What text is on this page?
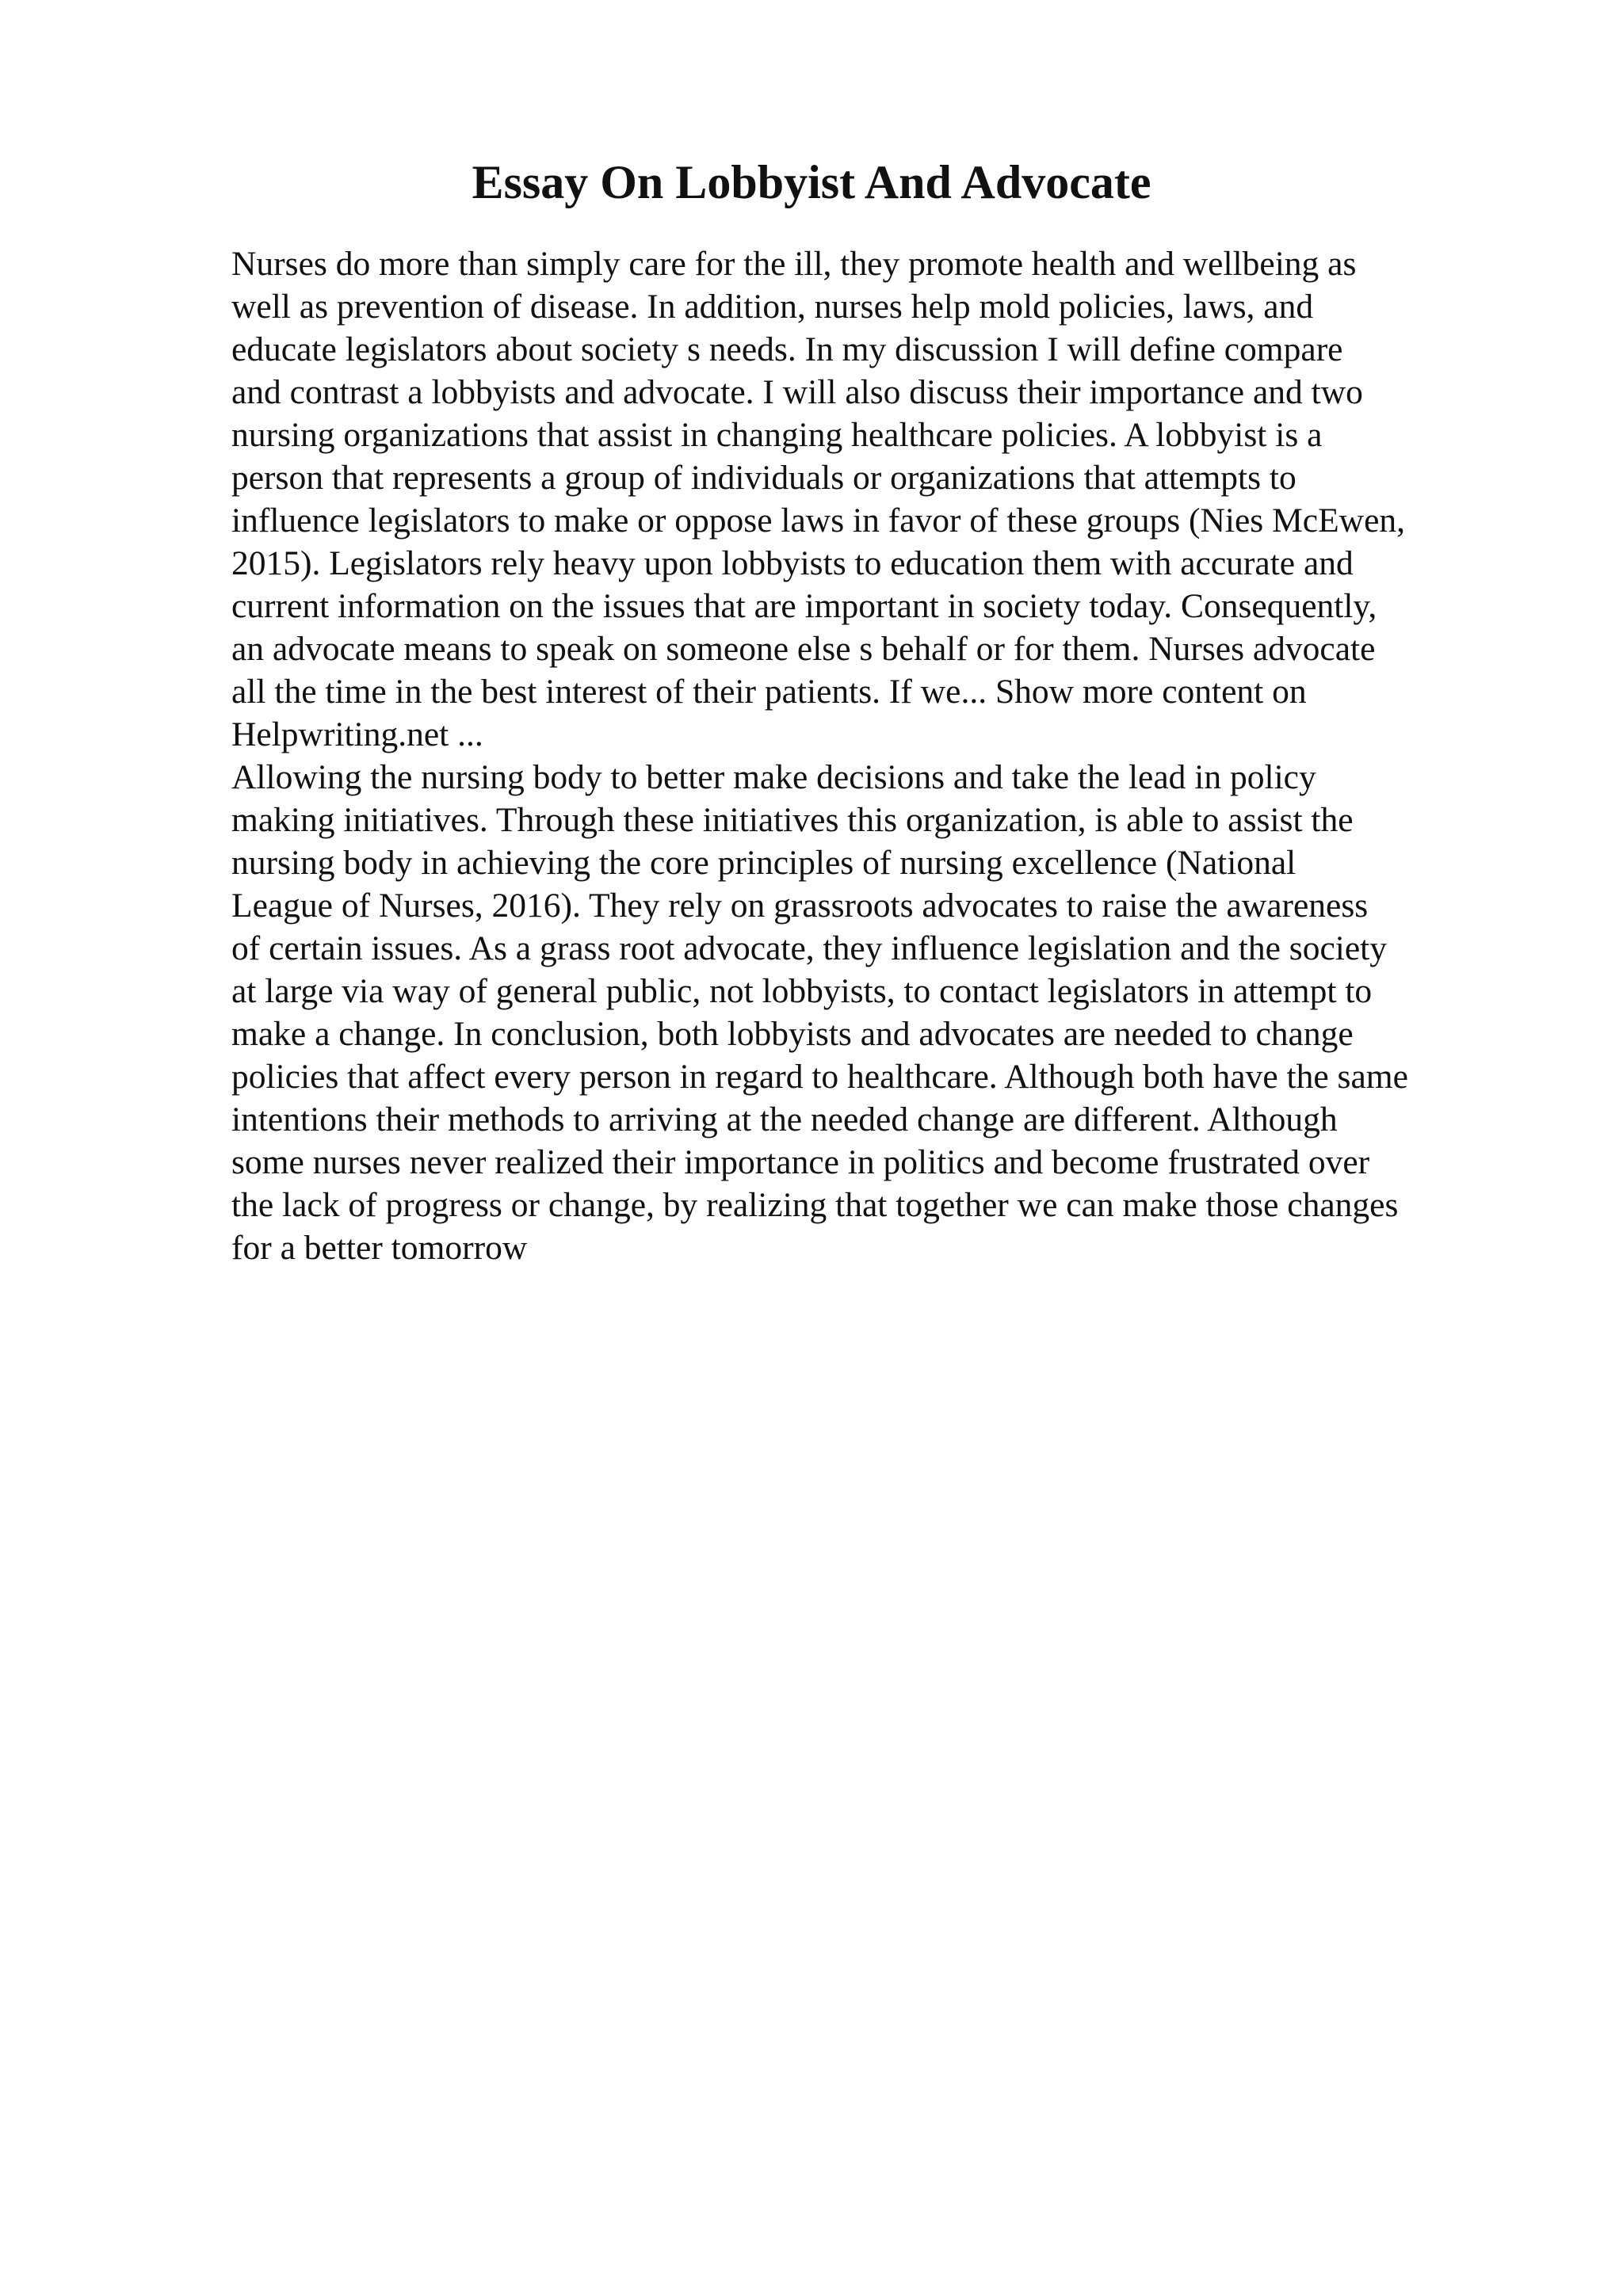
Essay On Lobbyist And Advocate
Nurses do more than simply care for the ill, they promote health and wellbeing as
well as prevention of disease. In addition, nurses help mold policies, laws, and
educate legislators about society s needs. In my discussion I will define compare
and contrast a lobbyists and advocate. I will also discuss their importance and two
nursing organizations that assist in changing healthcare policies. A lobbyist is a
person that represents a group of individuals or organizations that attempts to
influence legislators to make or oppose laws in favor of these groups (Nies McEwen,
2015). Legislators rely heavy upon lobbyists to education them with accurate and
current information on the issues that are important in society today. Consequently,
an advocate means to speak on someone else s behalf or for them. Nurses advocate
all the time in the best interest of their patients. If we... Show more content on
Helpwriting.net ...
Allowing the nursing body to better make decisions and take the lead in policy
making initiatives. Through these initiatives this organization, is able to assist the
nursing body in achieving the core principles of nursing excellence (National
League of Nurses, 2016). They rely on grassroots advocates to raise the awareness
of certain issues. As a grass root advocate, they influence legislation and the society
at large via way of general public, not lobbyists, to contact legislators in attempt to
make a change. In conclusion, both lobbyists and advocates are needed to change
policies that affect every person in regard to healthcare. Although both have the same
intentions their methods to arriving at the needed change are different. Although
some nurses never realized their importance in politics and become frustrated over
the lack of progress or change, by realizing that together we can make those changes
for a better tomorrow
